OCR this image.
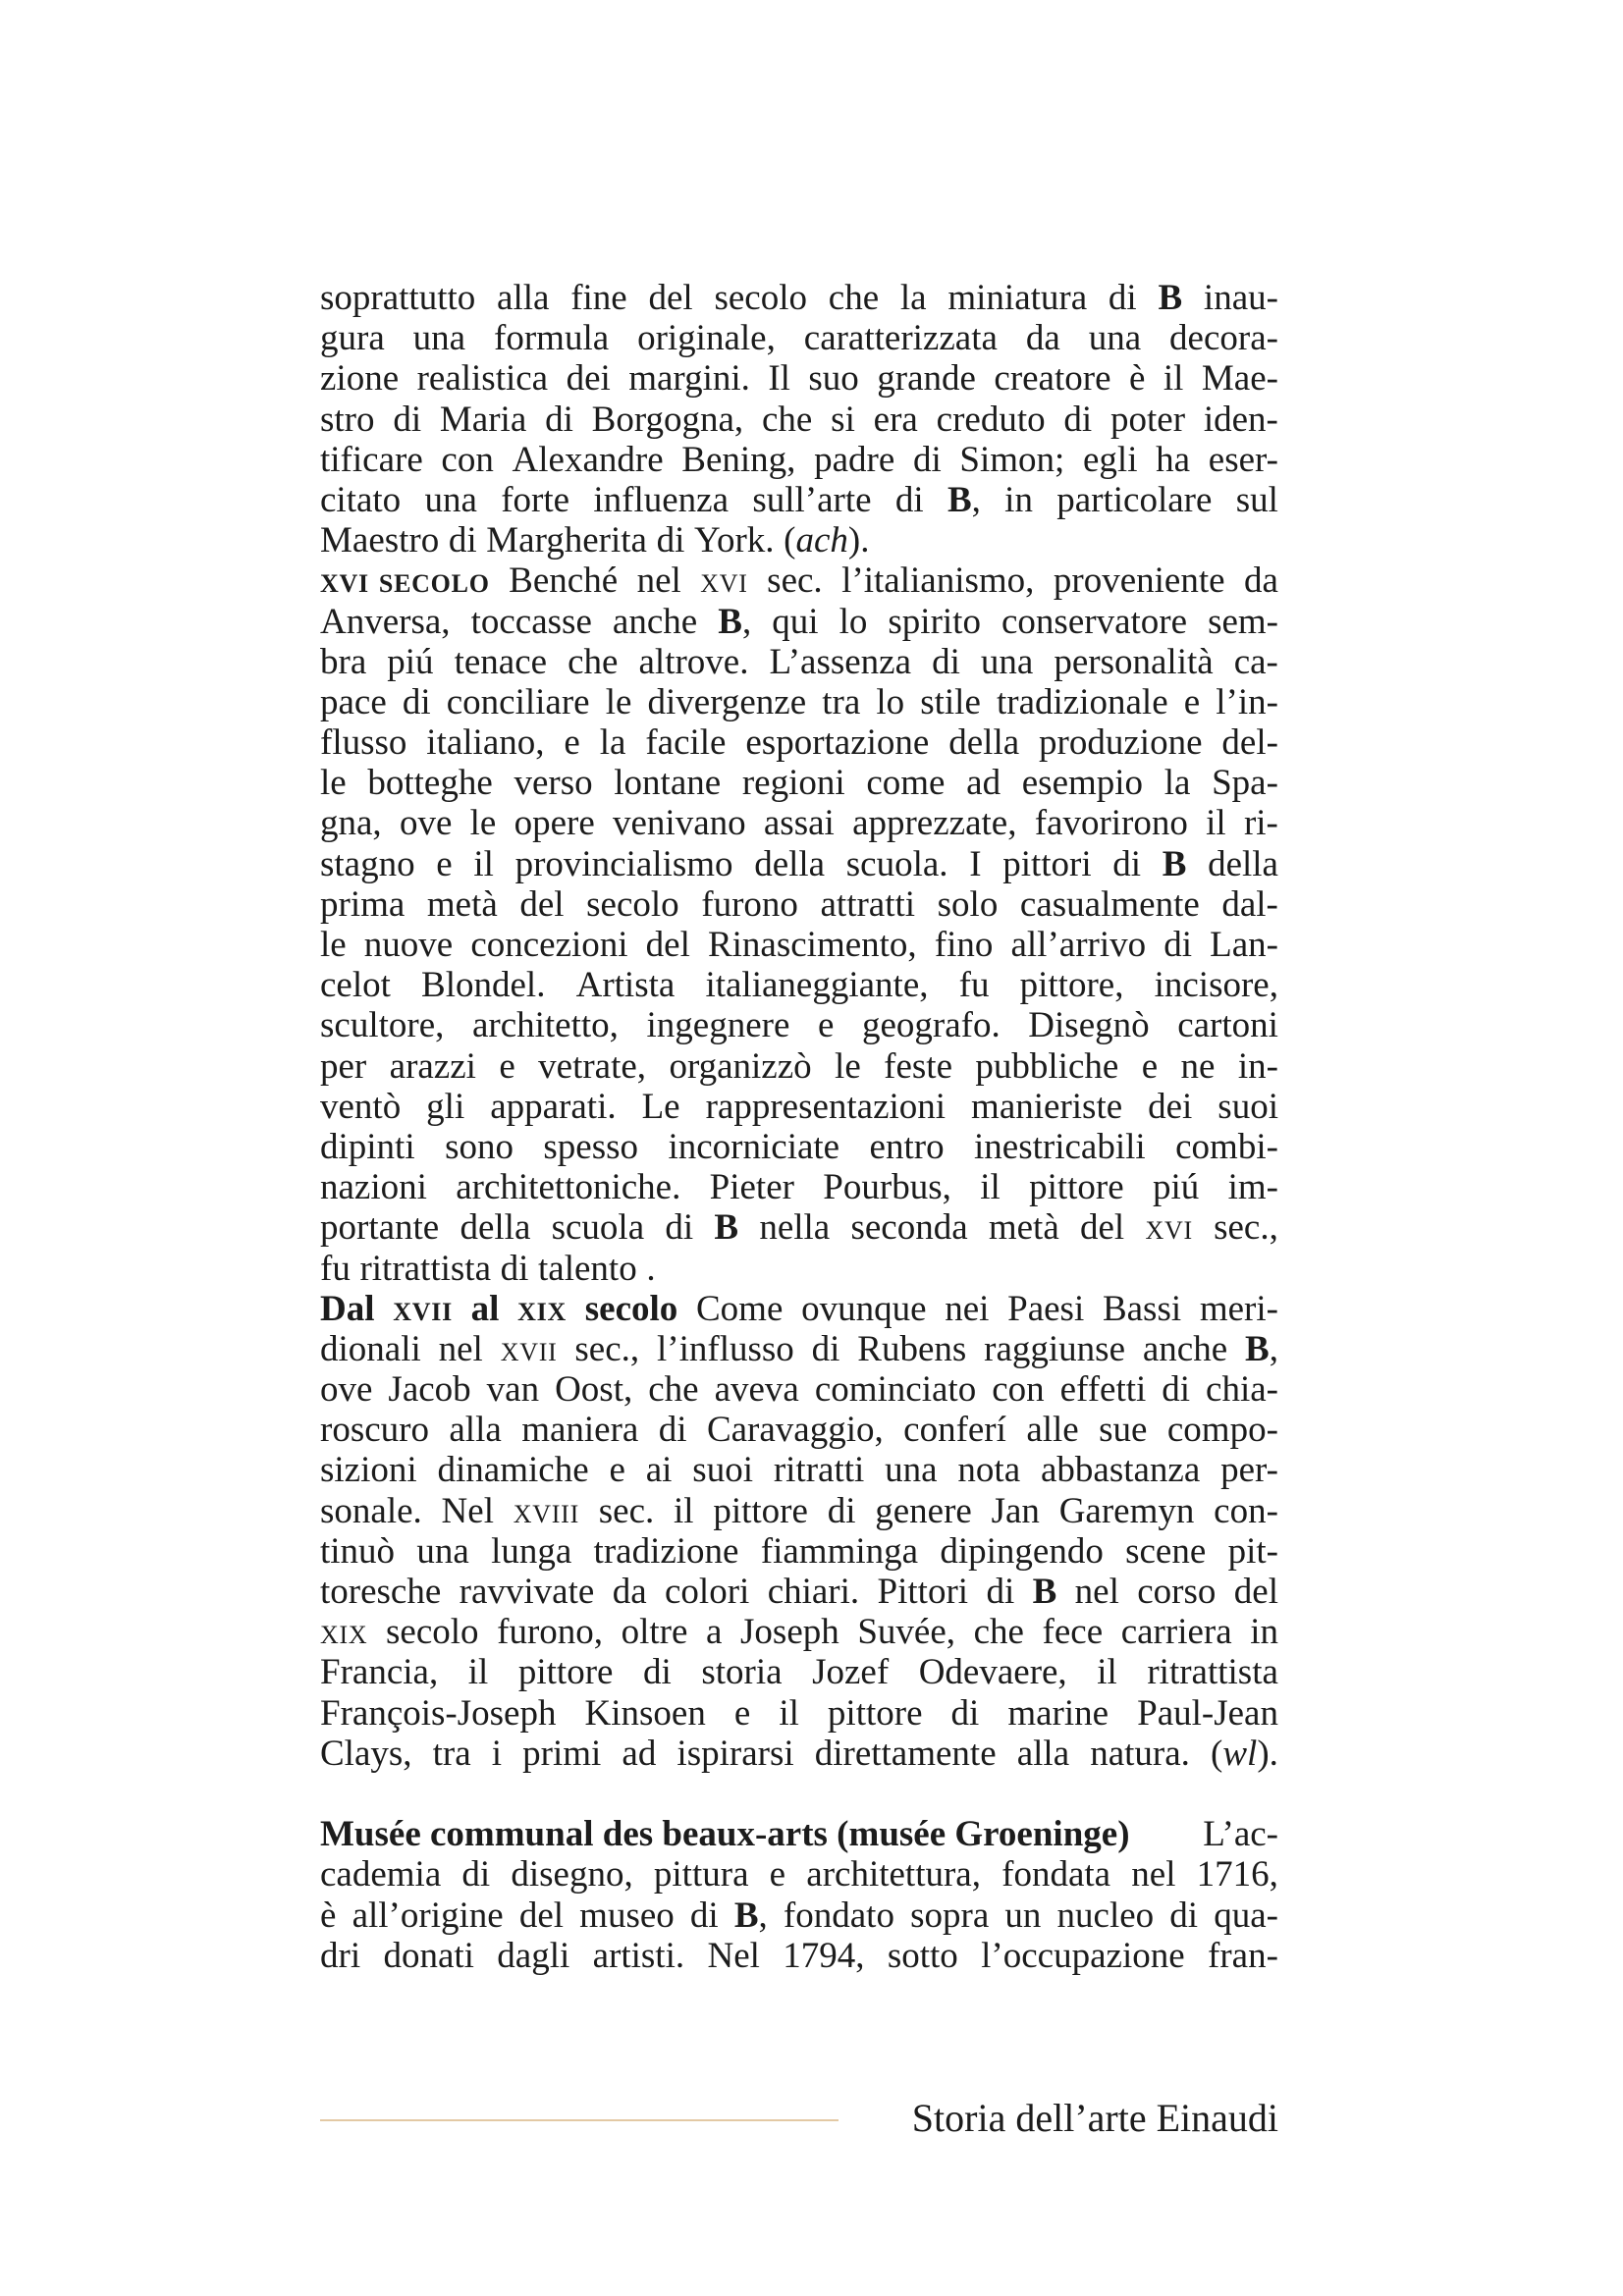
soprattutto alla fine del secolo che la miniatura di B inau-
gura una formula originale, caratterizzata da una decora-
zione realistica dei margini. Il suo grande creatore è il Mae-
stro di Maria di Borgogna, che si era creduto di poter iden-
tificare con Alexandre Bening, padre di Simon; egli ha eser-
citato una forte influenza sull’arte di B, in particolare sul
Maestro di Margherita di York. (ach).
xvi secolo Benché nel xvi sec. l’italianismo, proveniente da
Anversa, toccasse anche B, qui lo spirito conservatore sem-
bra piú tenace che altrove. L’assenza di una personalità ca-
pace di conciliare le divergenze tra lo stile tradizionale e l’in-
flusso italiano, e la facile esportazione della produzione del-
le botteghe verso lontane regioni come ad esempio la Spa-
gna, ove le opere venivano assai apprezzate, favorirono il ri-
stagno e il provincialismo della scuola. I pittori di B della
prima metà del secolo furono attratti solo casualmente dal-
le nuove concezioni del Rinascimento, fino all’arrivo di Lan-
celot Blondel. Artista italianeggiante, fu pittore, incisore,
scultore, architetto, ingegnere e geografo. Disegnò cartoni
per arazzi e vetrate, organizzò le feste pubbliche e ne in-
ventò gli apparati. Le rappresentazioni manieriste dei suoi
dipinti sono spesso incorniciate entro inestricabili combi-
nazioni architettoniche. Pieter Pourbus, il pittore piú im-
portante della scuola di B nella seconda metà del xvi sec.,
fu ritrattista di talento .
Dal xvii al xix secolo Come ovunque nei Paesi Bassi meri-
dionali nel xvii sec., l’influsso di Rubens raggiunse anche B,
ove Jacob van Oost, che aveva cominciato con effetti di chia-
roscuro alla maniera di Caravaggio, conferí alle sue compo-
sizioni dinamiche e ai suoi ritratti una nota abbastanza per-
sonale. Nel xviii sec. il pittore di genere Jan Garemyn con-
tinuò una lunga tradizione fiamminga dipingendo scene pit-
toresche ravvivate da colori chiari. Pittori di B nel corso del
xix secolo furono, oltre a Joseph Suvée, che fece carriera in
Francia, il pittore di storia Jozef Odevaere, il ritrattista
François-Joseph Kinsoen e il pittore di marine Paul-Jean
Clays, tra i primi ad ispirarsi direttamente alla natura. (wl).
Musée communal des beaux-arts (musée Groeninge) L’ac-
cademia di disegno, pittura e architettura, fondata nel 1716,
è all’origine del museo di B, fondato sopra un nucleo di qua-
dri donati dagli artisti. Nel 1794, sotto l’occupazione fran-
Storia dell’arte Einaudi
